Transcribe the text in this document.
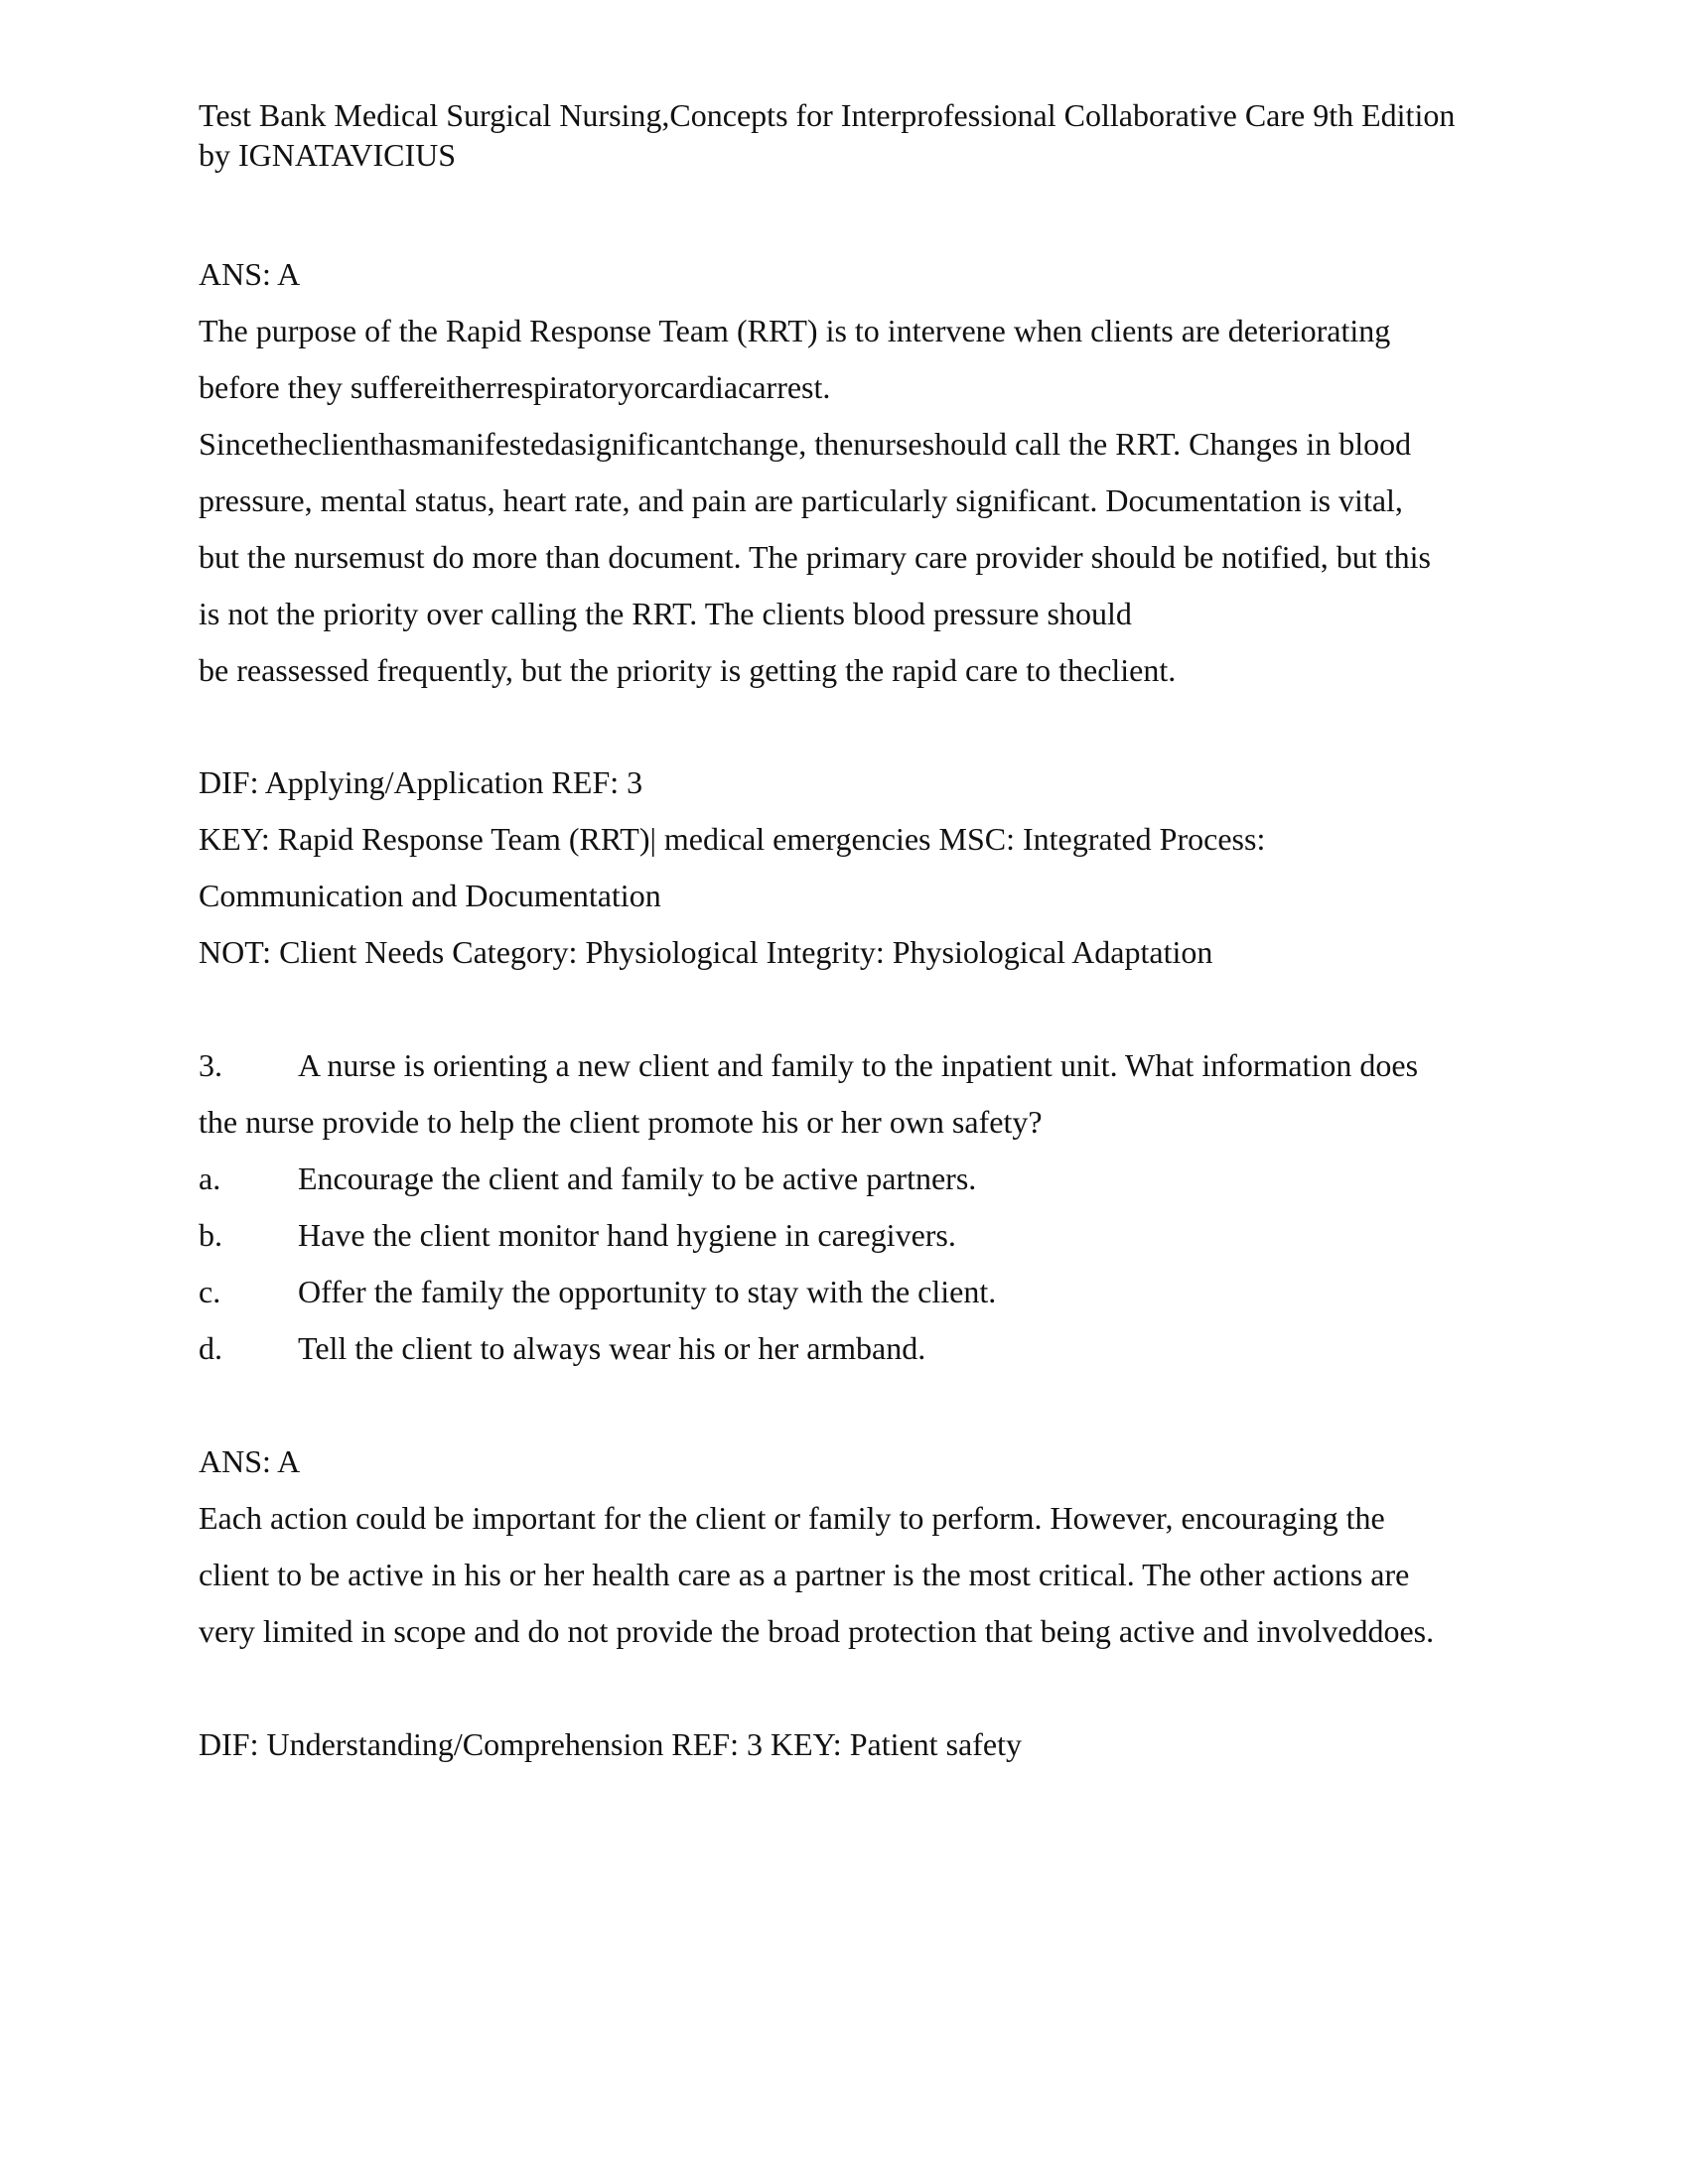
Test Bank Medical Surgical Nursing,Concepts for Interprofessional Collaborative Care 9th Edition by IGNATAVICIUS
ANS: A
The purpose of the Rapid Response Team (RRT) is to intervene when clients are deteriorating
before they suffereitherrespiratoryorcardiacarrest.
Sincetheclienthasmanifestedasignificantchange, thenurseshould call the RRT. Changes in blood
pressure, mental status, heart rate, and pain are particularly significant. Documentation is vital,
but the nursemust do more than document. The primary care provider should be notified, but this
is not the priority over calling the RRT. The clients blood pressure should
be reassessed frequently, but the priority is getting the rapid care to theclient.
DIF: Applying/Application REF: 3
KEY: Rapid Response Team (RRT)| medical emergencies MSC: Integrated Process:
Communication and Documentation
NOT: Client Needs Category: Physiological Integrity: Physiological Adaptation
3. A nurse is orienting a new client and family to the inpatient unit. What information does
the nurse provide to help the client promote his or her own safety?
a. Encourage the client and family to be active partners.
b. Have the client monitor hand hygiene in caregivers.
c. Offer the family the opportunity to stay with the client.
d. Tell the client to always wear his or her armband.
ANS: A
Each action could be important for the client or family to perform. However, encouraging the
client to be active in his or her health care as a partner is the most critical. The other actions are
very limited in scope and do not provide the broad protection that being active and involveddoes.
DIF: Understanding/Comprehension REF: 3 KEY: Patient safety
